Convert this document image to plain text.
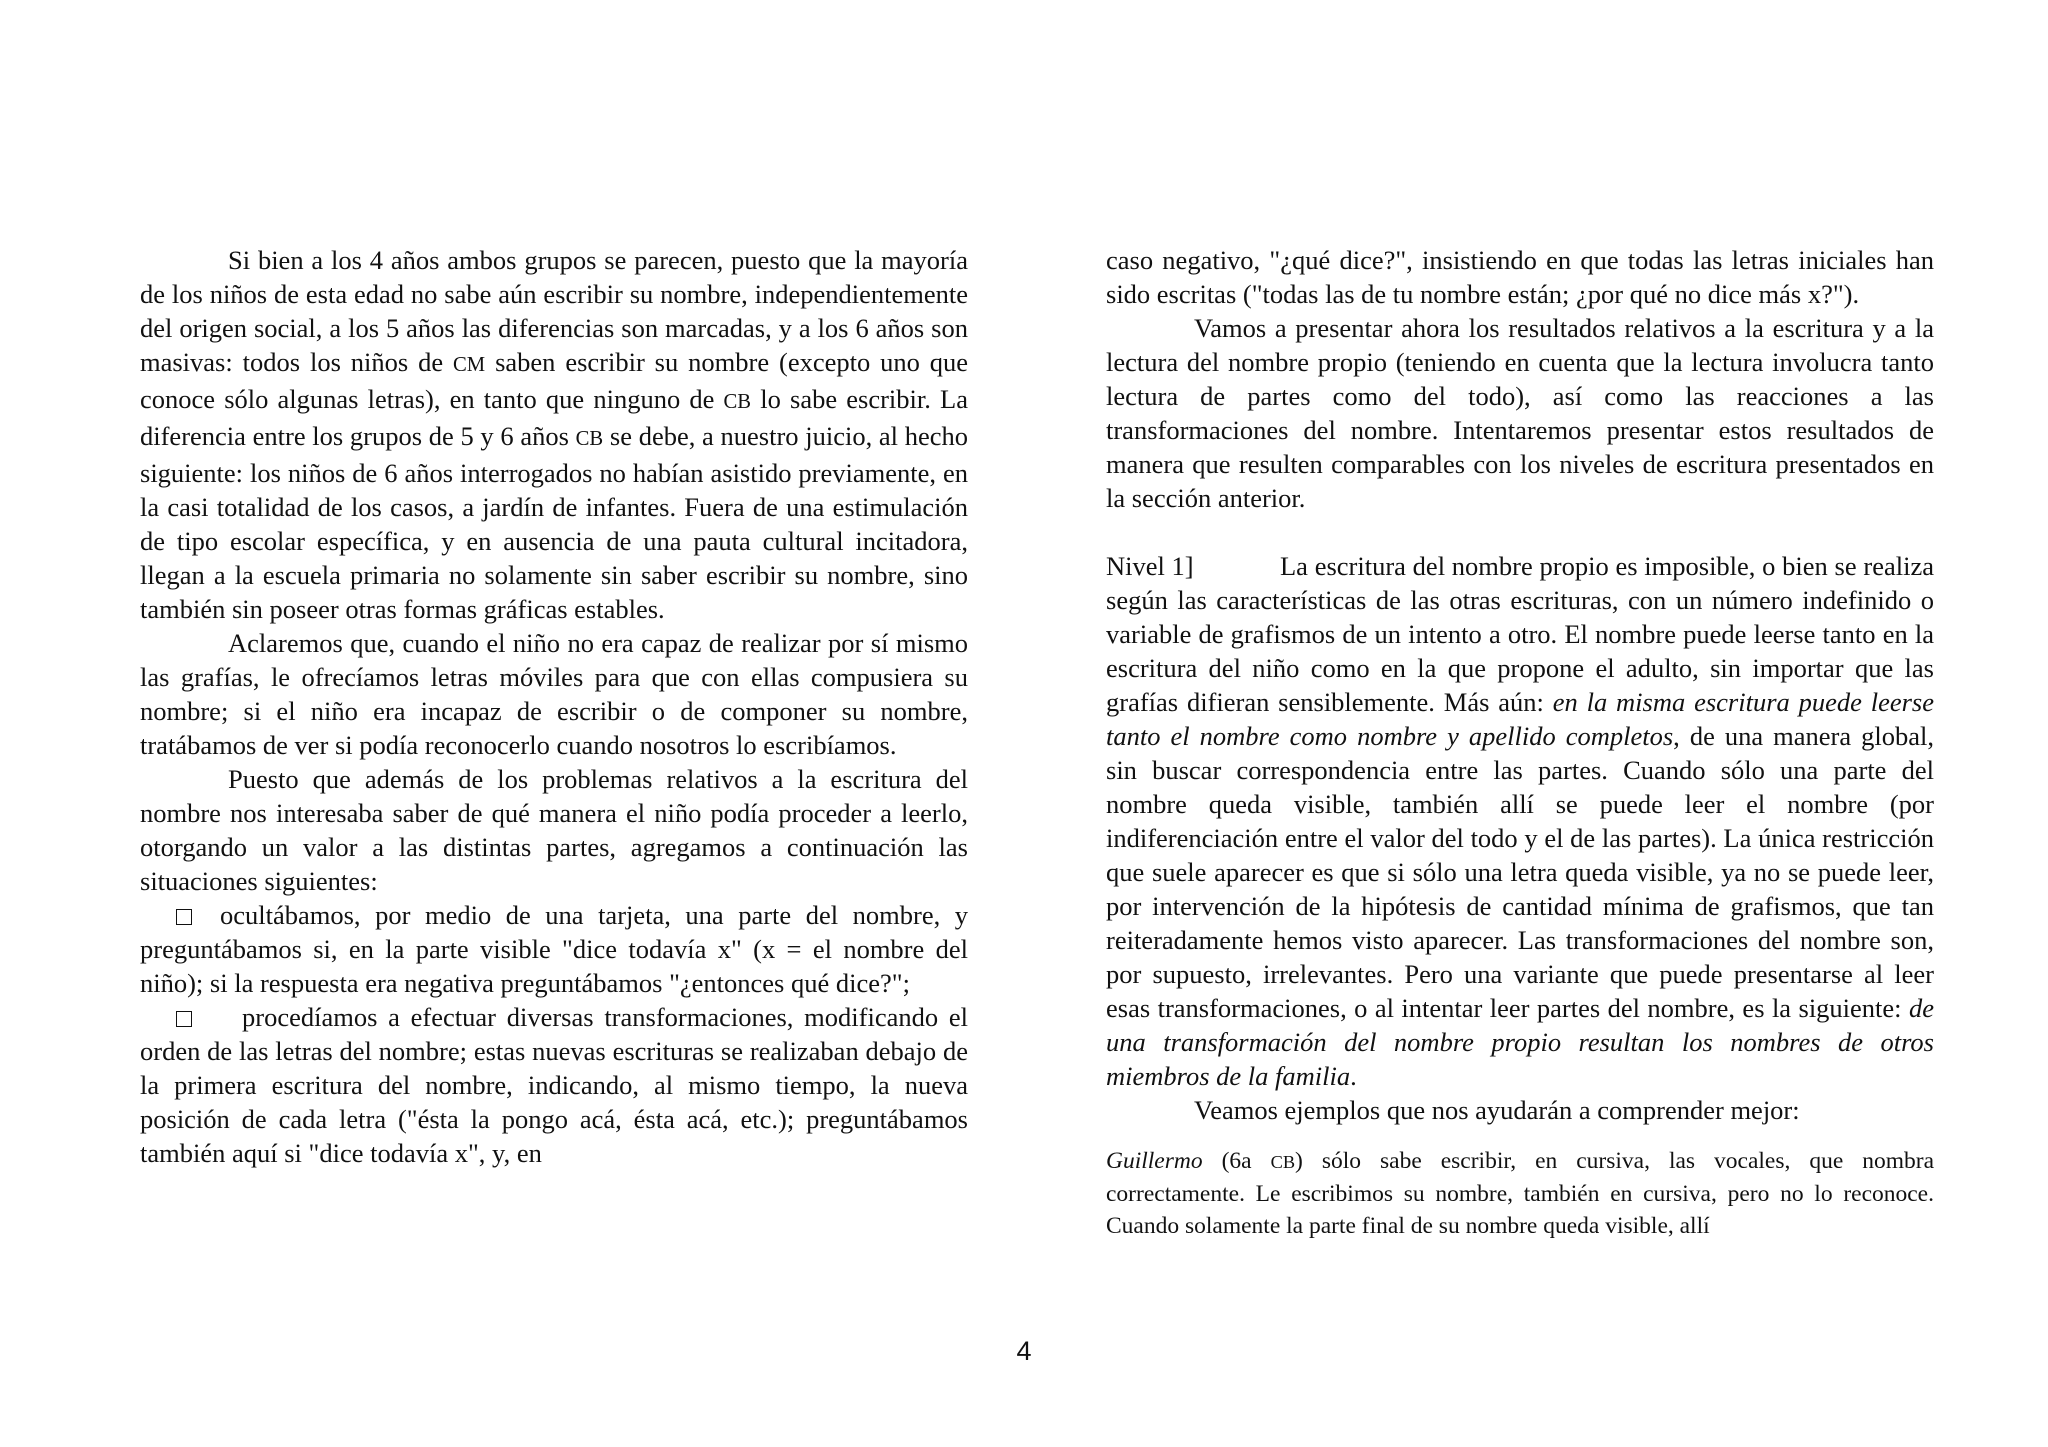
Si bien a los 4 años ambos grupos se parecen, puesto que la mayoría de los niños de esta edad no sabe aún escribir su nombre, independientemente del origen social, a los 5 años las diferencias son marcadas, y a los 6 años son masivas: todos los niños de CM saben escribir su nombre (excepto uno que conoce sólo algunas letras), en tanto que ninguno de CB lo sabe escribir. La diferencia entre los grupos de 5 y 6 años CB se debe, a nuestro juicio, al hecho siguiente: los niños de 6 años interrogados no habían asistido previamente, en la casi totalidad de los casos, a jardín de infantes. Fuera de una estimulación de tipo escolar específica, y en ausencia de una pauta cultural incitadora, llegan a la escuela primaria no solamente sin saber escribir su nombre, sino también sin poseer otras formas gráficas estables.

Aclaremos que, cuando el niño no era capaz de realizar por sí mismo las grafías, le ofrecíamos letras móviles para que con ellas compusiera su nombre; si el niño era incapaz de escribir o de componer su nombre, tratábamos de ver si podía reconocerlo cuando nosotros lo escribíamos.

Puesto que además de los problemas relativos a la escritura del nombre nos interesaba saber de qué manera el niño podía proceder a leerlo, otorgando un valor a las distintas partes, agregamos a continuación las situaciones siguientes:

ocultábamos, por medio de una tarjeta, una parte del nombre, y preguntábamos si, en la parte visible "dice todavía x" (x = el nombre del niño); si la respuesta era negativa preguntábamos "¿entonces qué dice?";

procedíamos a efectuar diversas transformaciones, modificando el orden de las letras del nombre; estas nuevas escrituras se realizaban debajo de la primera escritura del nombre, indicando, al mismo tiempo, la nueva posición de cada letra ("ésta la pongo acá, ésta acá, etc.); preguntábamos también aquí si "dice todavía x", y, en

caso negativo, "¿qué dice?", insistiendo en que todas las letras iniciales han sido escritas ("todas las de tu nombre están; ¿por qué no dice más x?").

Vamos a presentar ahora los resultados relativos a la escritura y a la lectura del nombre propio (teniendo en cuenta que la lectura involucra tanto lectura de partes como del todo), así como las reacciones a las transformaciones del nombre. Intentaremos presentar estos resultados de manera que resulten comparables con los niveles de escritura presentados en la sección anterior.

Nivel 1]	La escritura del nombre propio es imposible, o bien se realiza según las características de las otras escrituras, con un número indefinido o variable de grafismos de un intento a otro. El nombre puede leerse tanto en la escritura del niño como en la que propone el adulto, sin importar que las grafías difieran sensiblemente. Más aún: en la misma escritura puede leerse tanto el nombre como nombre y apellido completos, de una manera global, sin buscar correspondencia entre las partes. Cuando sólo una parte del nombre queda visible, también allí se puede leer el nombre (por indiferenciación entre el valor del todo y el de las partes). La única restricción que suele aparecer es que si sólo una letra queda visible, ya no se puede leer, por intervención de la hipótesis de cantidad mínima de grafismos, que tan reiteradamente hemos visto aparecer. Las transformaciones del nombre son, por supuesto, irrelevantes. Pero una variante que puede presentarse al leer esas transformaciones, o al intentar leer partes del nombre, es la siguiente: de una transformación del nombre propio resultan los nombres de otros miembros de la familia.

Veamos ejemplos que nos ayudarán a comprender mejor:

Guillermo (6a CB) sólo sabe escribir, en cursiva, las vocales, que nombra correctamente. Le escribimos su nombre, también en cursiva, pero no lo reconoce. Cuando solamente la parte final de su nombre queda visible, allí

4
